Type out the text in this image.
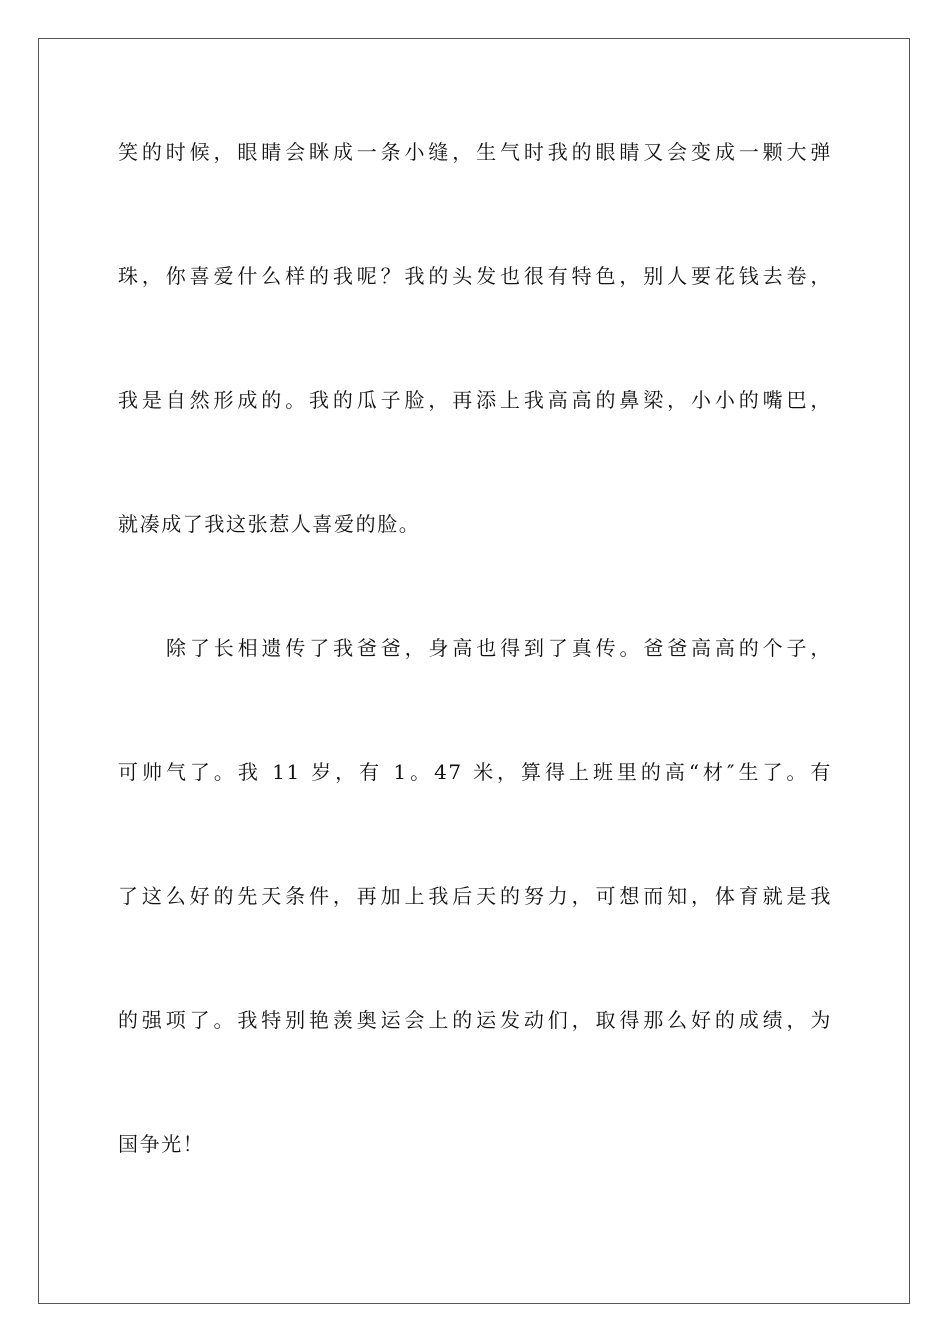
笑的时候，眼睛会眯成一条小缝，生气时我的眼睛又会变成一颗大弹
珠，你喜爱什么样的我呢？我的头发也很有特色，别人要花钱去卷，
我是自然形成的。我的瓜子脸，再添上我高高的鼻梁，小小的嘴巴，
就凑成了我这张惹人喜爱的脸。
除了长相遗传了我爸爸，身高也得到了真传。爸爸高高的个子，
可帅气了。我 11 岁，有 1。47 米，算得上班里的高“材″生了。有
了这么好的先天条件，再加上我后天的努力，可想而知，体育就是我
的强项了。我特别艳羡奥运会上的运发动们，取得那么好的成绩，为
国争光！
